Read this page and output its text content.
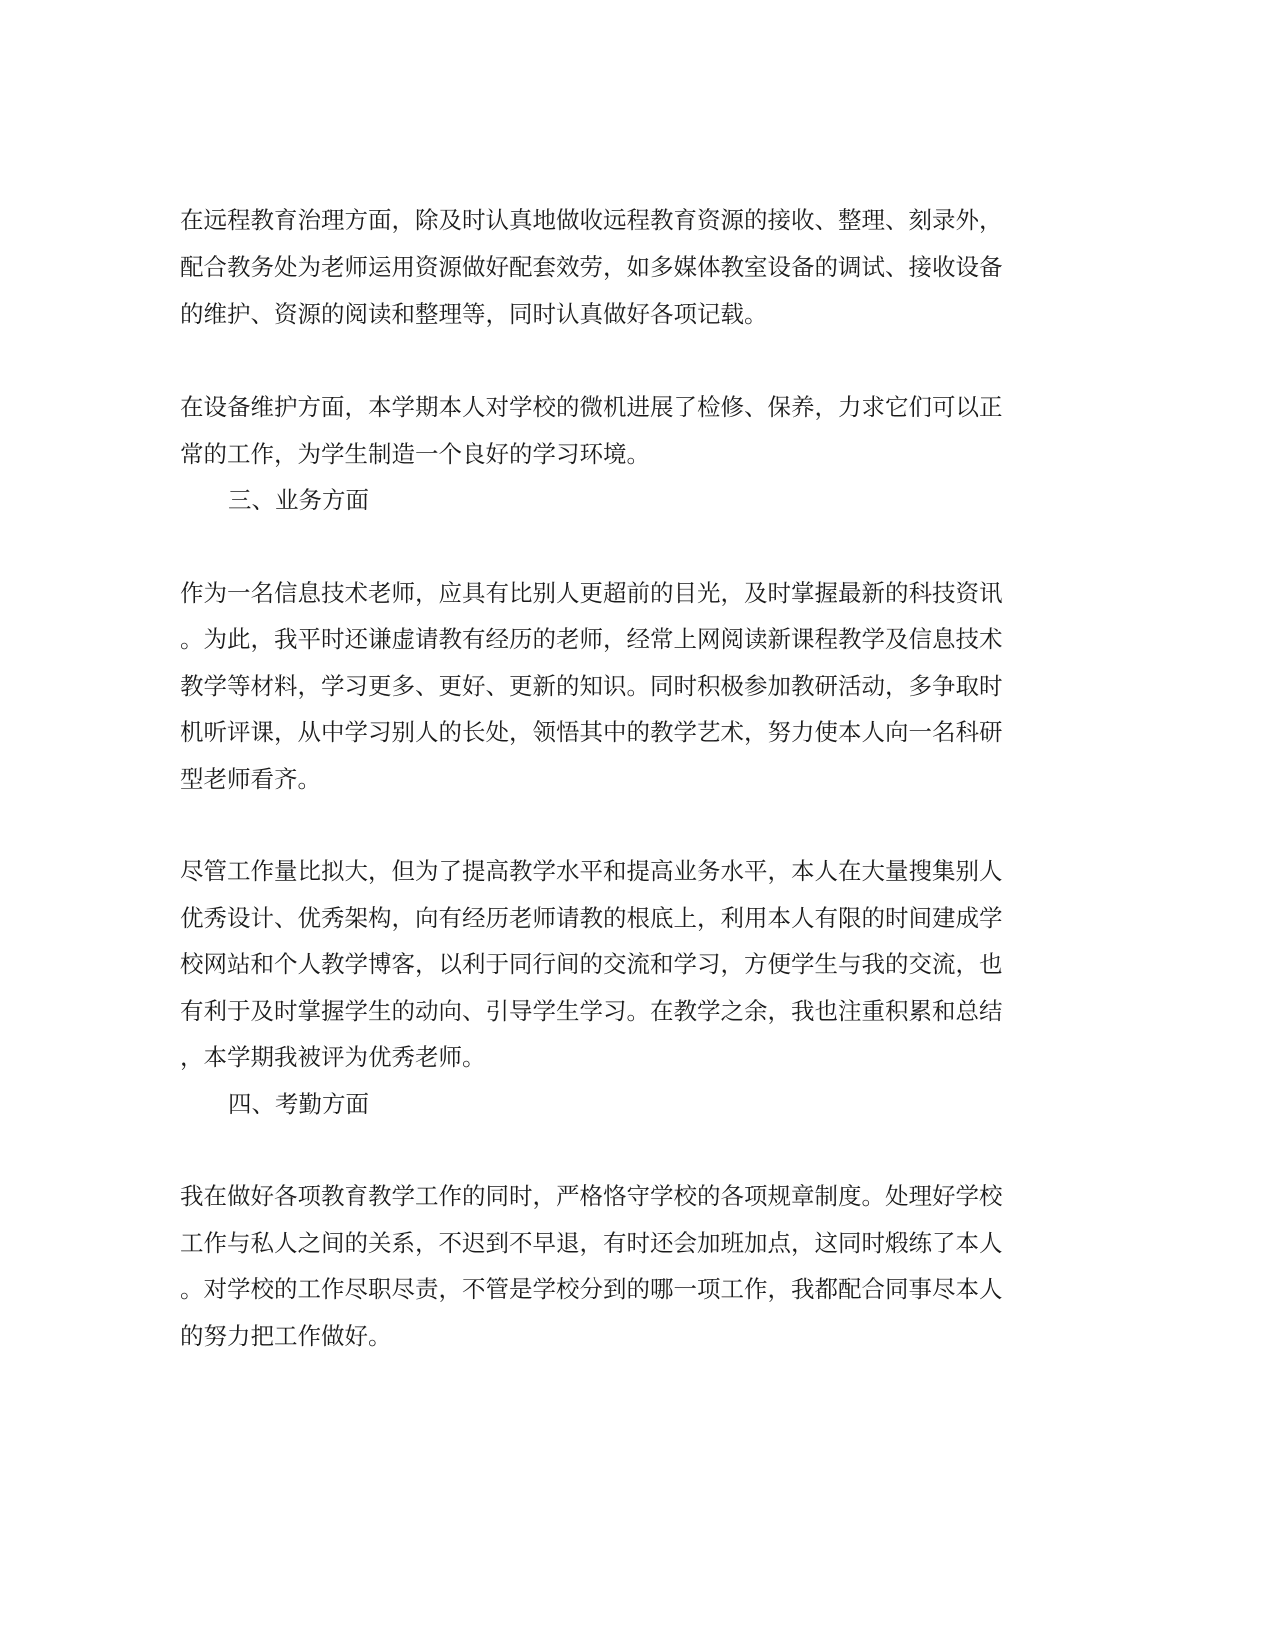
在远程教育治理方面，除及时认真地做收远程教育资源的接收、整理、刻录外，
配合教务处为老师运用资源做好配套效劳，如多媒体教室设备的调试、接收设备
的维护、资源的阅读和整理等，同时认真做好各项记载。
在设备维护方面，本学期本人对学校的微机进展了检修、保养，力求它们可以正
常的工作，为学生制造一个良好的学习环境。
三、业务方面
作为一名信息技术老师，应具有比别人更超前的目光，及时掌握最新的科技资讯
。为此，我平时还谦虚请教有经历的老师，经常上网阅读新课程教学及信息技术
教学等材料，学习更多、更好、更新的知识。同时积极参加教研活动，多争取时
机听评课，从中学习别人的长处，领悟其中的教学艺术，努力使本人向一名科研
型老师看齐。
尽管工作量比拟大，但为了提高教学水平和提高业务水平，本人在大量搜集别人
优秀设计、优秀架构，向有经历老师请教的根底上，利用本人有限的时间建成学
校网站和个人教学博客，以利于同行间的交流和学习，方便学生与我的交流，也
有利于及时掌握学生的动向、引导学生学习。在教学之余，我也注重积累和总结
，本学期我被评为优秀老师。
四、考勤方面
我在做好各项教育教学工作的同时，严格恪守学校的各项规章制度。处理好学校
工作与私人之间的关系，不迟到不早退，有时还会加班加点，这同时煅练了本人
。对学校的工作尽职尽责，不管是学校分到的哪一项工作，我都配合同事尽本人
的努力把工作做好。
